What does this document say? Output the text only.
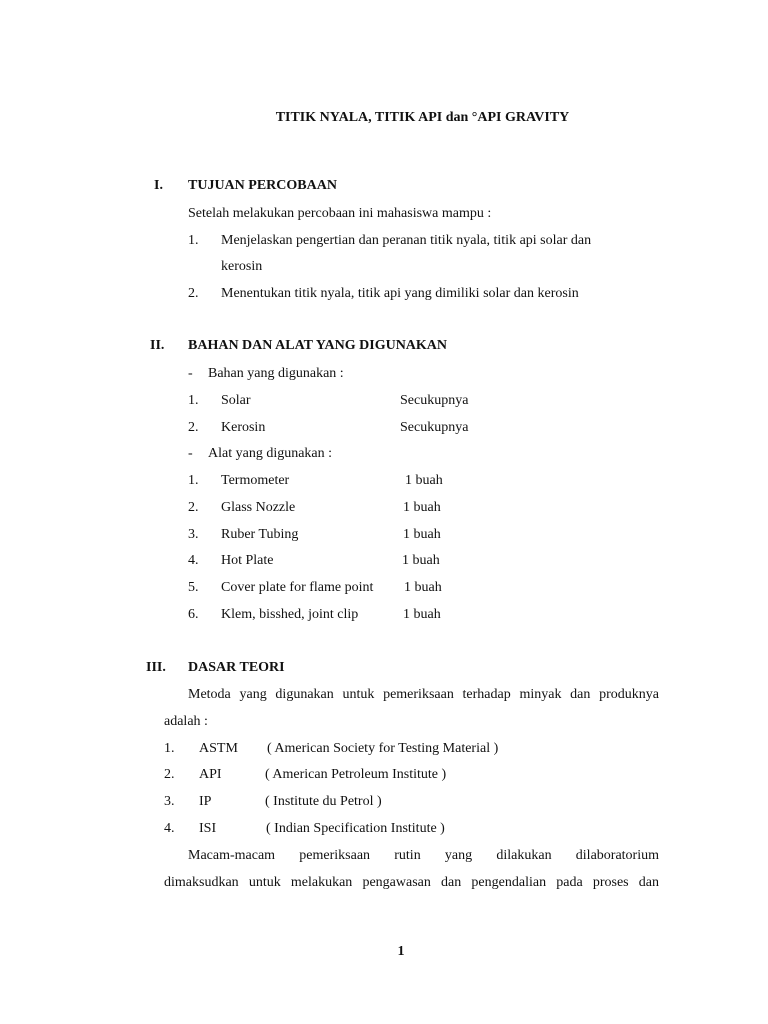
TITIK NYALA, TITIK API dan °API GRAVITY
I. TUJUAN PERCOBAAN
Setelah melakukan percobaan ini mahasiswa mampu :
1. Menjelaskan pengertian dan peranan titik nyala, titik api solar dan
kerosin
2. Menentukan titik nyala, titik api yang dimiliki solar dan kerosin
II. BAHAN DAN ALAT YANG DIGUNAKAN
- Bahan yang digunakan :
1. Solar	Secukupnya
2. Kerosin	Secukupnya
- Alat yang digunakan :
1. Termometer	1 buah
2. Glass Nozzle	1 buah
3. Ruber Tubing	1 buah
4. Hot Plate	1 buah
5. Cover plate for flame point 1 buah
6. Klem, bisshed, joint clip	1 buah
III. DASAR TEORI
Metoda yang digunakan untuk pemeriksaan terhadap minyak dan produknya
adalah :
1. ASTM ( American Society for Testing Material )
2. API	( American Petroleum Institute )
3. IP	( Institute du Petrol )
4. ISI	( Indian Specification Institute )
Macam-macam pemeriksaan rutin yang dilakukan dilaboratorium
dimaksudkan untuk melakukan pengawasan dan pengendalian pada proses dan
1
